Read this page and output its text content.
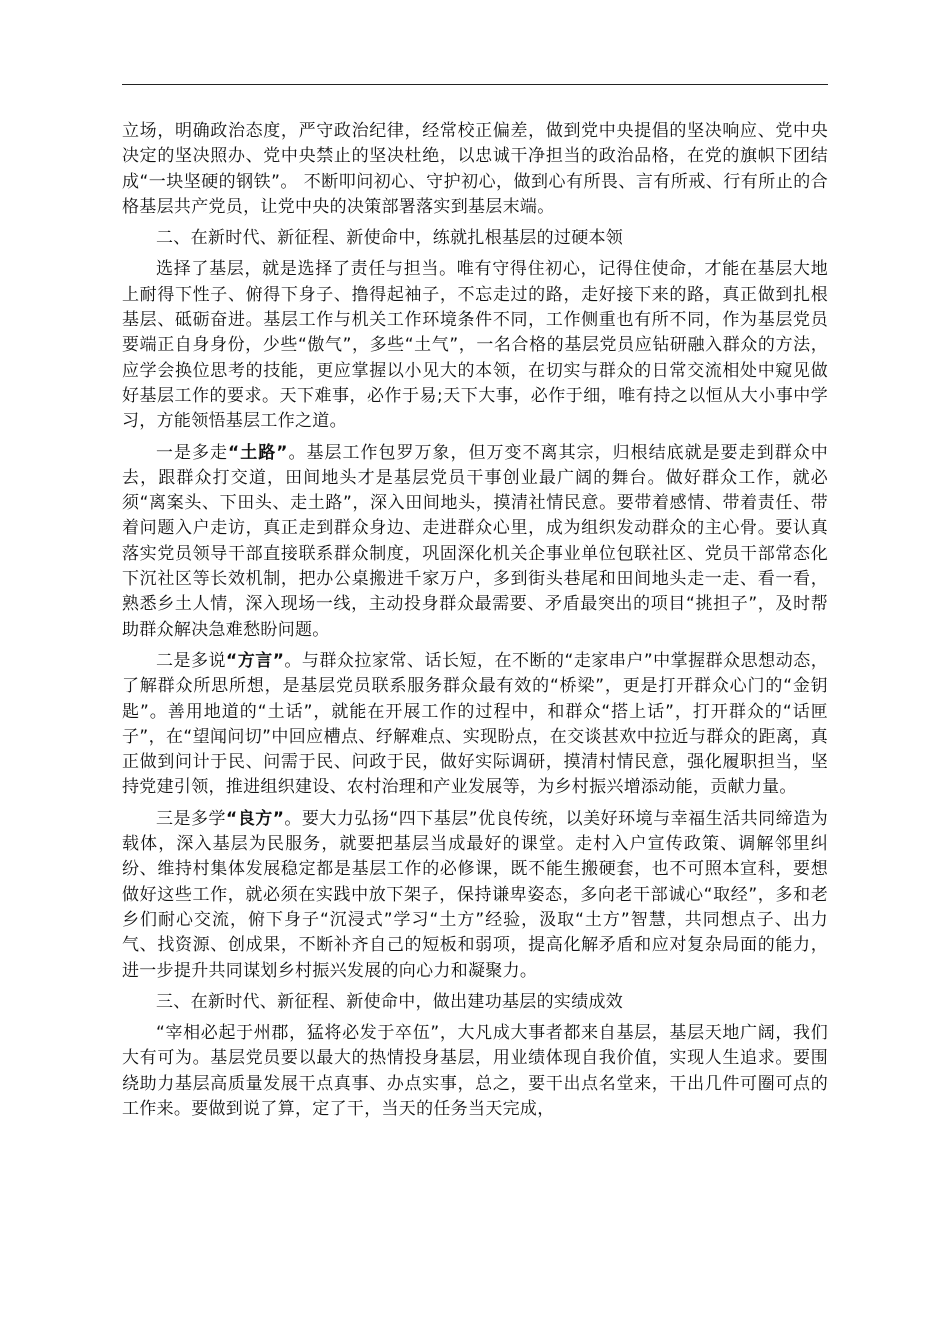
立场，明确政治态度，严守政治纪律，经常校正偏差，做到党中央提倡的坚决响应、党中央决定的坚决照办、党中央禁止的坚决杜绝，以忠诚干净担当的政治品格，在党的旗帜下团结成“一块坚硬的钢铁”。 不断叩问初心、守护初心，做到心有所畏、言有所戒、行有所止的合格基层共产党员，让党中央的决策部署落实到基层末端。

二、在新时代、新征程、新使命中，练就扎根基层的过硬本领

选择了基层，就是选择了责任与担当。唯有守得住初心，记得住使命，才能在基层大地上耐得下性子、俯得下身子、撸得起袖子，不忘走过的路，走好接下来的路，真正做到扎根基层、砥砺奋进。基层工作与机关工作环境条件不同，工作侧重也有所不同，作为基层党员要端正自身身份，少些“傲气”，多些“土气”，一名合格的基层党员应钻研融入群众的方法，应学会换位思考的技能，更应掌握以小见大的本领，在切实与群众的日常交流相处中窥见做好基层工作的要求。天下难事，必作于易;天下大事，必作于细，唯有持之以恒从大小事中学习，方能领悟基层工作之道。

一是多走“土路”。基层工作包罗万象，但万变不离其宗，归根结底就是要走到群众中去，跟群众打交道，田间地头才是基层党员干事创业最广阔的舞台。做好群众工作，就必须“离案头、下田头、走土路”，深入田间地头，摸清社情民意。要带着感情、带着责任、带着问题入户走访，真正走到群众身边、走进群众心里，成为组织发动群众的主心骨。要认真落实党员领导干部直接联系群众制度，巩固深化机关企事业单位包联社区、党员干部常态化下沉社区等长效机制，把办公桌搬进千家万户，多到街头巷尾和田间地头走一走、看一看，熟悉乡土人情，深入现场一线，主动投身群众最需要、矛盾最突出的项目“挑担子”，及时帮助群众解决急难愁盼问题。

二是多说“方言”。与群众拉家常、话长短，在不断的“走家串户”中掌握群众思想动态，了解群众所思所想，是基层党员联系服务群众最有效的“桥梁”，更是打开群众心门的“金钥匙”。善用地道的“土话”，就能在开展工作的过程中，和群众“搭上话”，打开群众的“话匣子”，在“望闻问切”中回应槽点、纾解难点、实现盼点，在交谈甚欢中拉近与群众的距离，真正做到问计于民、问需于民、问政于民，做好实际调研，摸清村情民意，强化履职担当，坚持党建引领，推进组织建设、农村治理和产业发展等，为乡村振兴增添动能，贡献力量。

三是多学“良方”。要大力弘扬“四下基层”优良传统，以美好环境与幸福生活共同缔造为载体，深入基层为民服务，就要把基层当成最好的课堂。走村入户宣传政策、调解邻里纠纷、维持村集体发展稳定都是基层工作的必修课，既不能生搬硬套，也不可照本宣科，要想做好这些工作，就必须在实践中放下架子，保持谦卑姿态，多向老干部诚心“取经”，多和老乡们耐心交流，俯下身子“沉浸式”学习“土方”经验，汲取“土方”智慧，共同想点子、出力气、找资源、创成果，不断补齐自己的短板和弱项，提高化解矛盾和应对复杂局面的能力，进一步提升共同谋划乡村振兴发展的向心力和凝聚力。

三、在新时代、新征程、新使命中，做出建功基层的实绩成效

“宰相必起于州郡，猛将必发于卒伍”，大凡成大事者都来自基层，基层天地广阔，我们大有可为。基层党员要以最大的热情投身基层，用业绩体现自我价值，实现人生追求。要围绕助力基层高质量发展干点真事、办点实事，总之，要干出点名堂来，干出几件可圈可点的工作来。要做到说了算，定了干，当天的任务当天完成，
